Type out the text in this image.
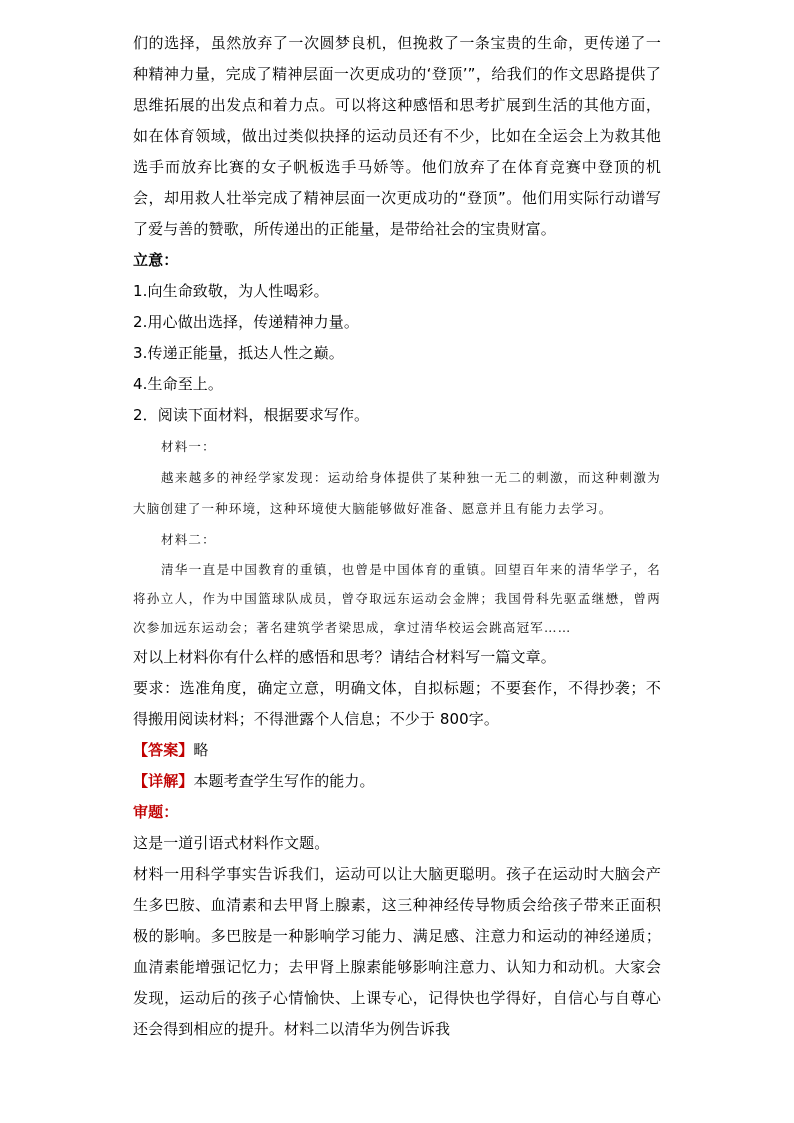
们的选择，虽然放弃了一次圆梦良机，但挽救了一条宝贵的生命，更传递了一种精神力量，完成了精神层面一次更成功的‘登顶’”，给我们的作文思路提供了思维拓展的出发点和着力点。可以将这种感悟和思考扩展到生活的其他方面，如在体育领域，做出过类似抉择的运动员还有不少，比如在全运会上为救其他选手而放弃比赛的女子帆板选手马娇等。他们放弃了在体育竞赛中登顶的机会，却用救人壮举完成了精神层面一次更成功的“登顶”。他们用实际行动谱写了爱与善的赞歌，所传递出的正能量，是带给社会的宝贵财富。

立意：

1.向生命致敬，为人性喝彩。

2.用心做出选择，传递精神力量。

3.传递正能量，抵达人性之巅。

4.生命至上。

2．阅读下面材料，根据要求写作。

材料一：

越来越多的神经学家发现：运动给身体提供了某种独一无二的刺激，而这种刺激为大脑创建了一种环境，这种环境使大脑能够做好准备、愿意并且有能力去学习。

材料二：

清华一直是中国教育的重镇，也曾是中国体育的重镇。回望百年来的清华学子，名将孙立人，作为中国篮球队成员，曾夺取远东运动会金牌；我国骨科先驱孟继懋，曾两次参加远东运动会；著名建筑学者梁思成，拿过清华校运会跳高冠军……

对以上材料你有什么样的感悟和思考？请结合材料写一篇文章。

要求：选准角度，确定立意，明确文体，自拟标题；不要套作，不得抄袭；不得搬用阅读材料；不得泄露个人信息；不少于 800字。

【答案】略

【详解】本题考查学生写作的能力。

审题：

这是一道引语式材料作文题。

材料一用科学事实告诉我们，运动可以让大脑更聪明。孩子在运动时大脑会产生多巴胺、血清素和去甲肾上腺素，这三种神经传导物质会给孩子带来正面积极的影响。多巴胺是一种影响学习能力、满足感、注意力和运动的神经递质；血清素能增强记忆力；去甲肾上腺素能够影响注意力、认知力和动机。大家会发现，运动后的孩子心情愉快、上课专心，记得快也学得好，自信心与自尊心还会得到相应的提升。材料二以清华为例告诉我
